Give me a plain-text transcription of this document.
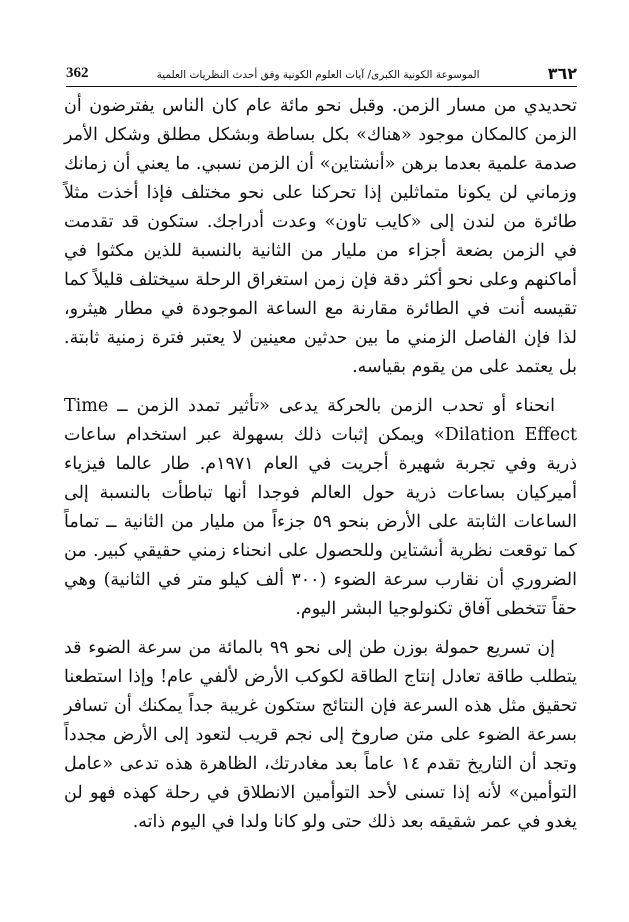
362	الموسوعة الكونية الكبرى/ آيات العلوم الكونية وفق أحدث النظريات العلمية	٣٦٢

تحديدي من مسار الزمن. وقبل نحو مائة عام كان الناس يفترضون أن الزمن كالمكان موجود «هناك» بكل بساطة وبشكل مطلق وشكل الأمر صدمة علمية بعدما برهن «أنشتاين» أن الزمن نسبي. ما يعني أن زمانك وزماني لن يكونا متماثلين إذا تحركنا على نحو مختلف فإذا أخذت مثلاً طائرة من لندن إلى «كايب تاون» وعدت أدراجك. ستكون قد تقدمت في الزمن بضعة أجزاء من مليار من الثانية بالنسبة للذين مكثوا في أماكنهم وعلى نحو أكثر دقة فإن زمن استغراق الرحلة سيختلف قليلاً كما تقيسه أنت في الطائرة مقارنة مع الساعة الموجودة في مطار هيثرو، لذا فإن الفاصل الزمني ما بين حدثين معينين لا يعتبر فترة زمنية ثابتة. بل يعتمد على من يقوم بقياسه.

انحناء أو تحدب الزمن بالحركة يدعى «تأثير تمدد الزمن ــ Time Dilation Effect» ويمكن إثبات ذلك بسهولة عبر استخدام ساعات ذرية وفي تجربة شهيرة أجريت في العام ١٩٧١م. طار عالما فيزياء أميركيان بساعات ذرية حول العالم فوجدا أنها تباطأت بالنسبة إلى الساعات الثابتة على الأرض بنحو ٥٩ جزءاً من مليار من الثانية ــ تماماً كما توقعت نظرية أنشتاين وللحصول على انحناء زمني حقيقي كبير. من الضروري أن نقارب سرعة الضوء (٣٠٠ ألف كيلو متر في الثانية) وهي حقاً تتخطى آفاق تكنولوجيا البشر اليوم.

إن تسريع حمولة بوزن طن إلى نحو ٩٩ بالمائة من سرعة الضوء قد يتطلب طاقة تعادل إنتاج الطاقة لكوكب الأرض لألفي عام! وإذا استطعنا تحقيق مثل هذه السرعة فإن النتائج ستكون غريبة جداً يمكنك أن تسافر بسرعة الضوء على متن صاروخ إلى نجم قريب لتعود إلى الأرض مجدداً وتجد أن التاريخ تقدم ١٤ عاماً بعد مغادرتك، الظاهرة هذه تدعى «عامل التوأمين» لأنه إذا تسنى لأحد التوأمين الانطلاق في رحلة كهذه فهو لن يغدو في عمر شقيقه بعد ذلك حتى ولو كانا ولدا في اليوم ذاته.
